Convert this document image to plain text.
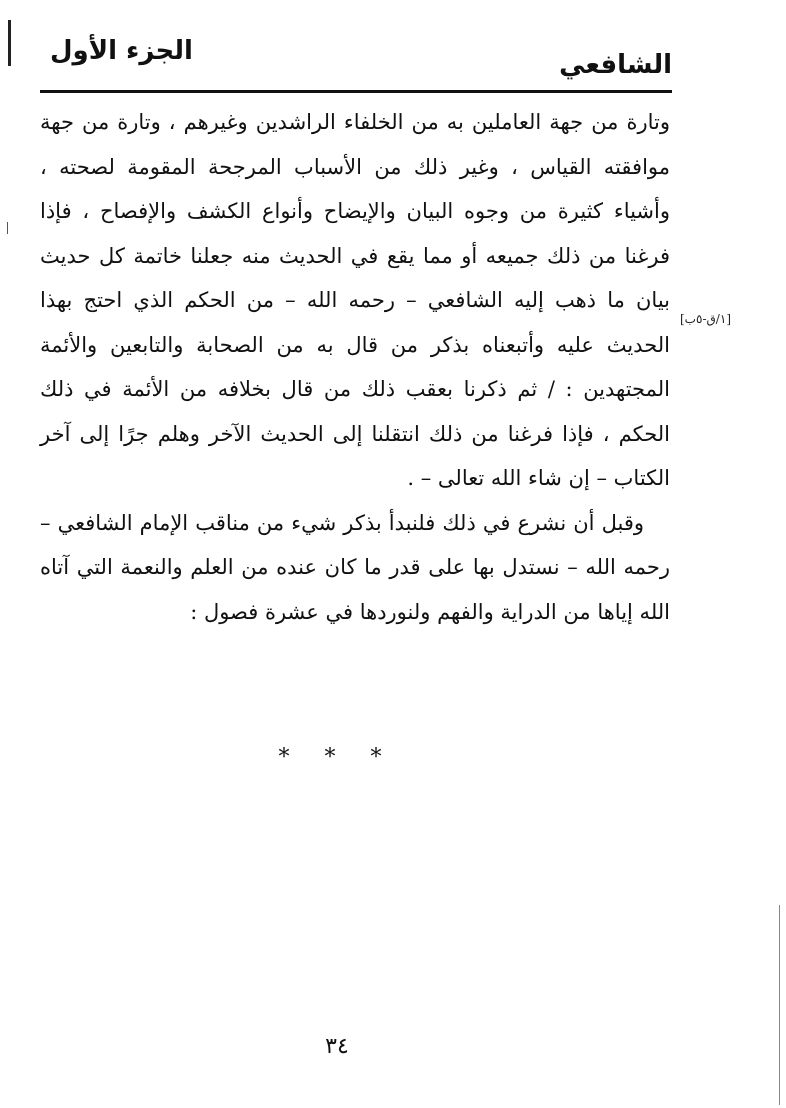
الشافعي
الجزء الأول

وتارة من جهة العاملين به من الخلفاء الراشدين وغيرهم ، وتارة من جهة موافقته القياس ، وغير ذلك من الأسباب المرجحة المقومة لصحته ، وأشياء كثيرة من وجوه البيان والإيضاح وأنواع الكشف والإفصاح ، فإذا فرغنا من ذلك جميعه أو مما يقع في الحديث منه جعلنا خاتمة كل حديث بيان ما ذهب إليه الشافعي – رحمه الله – من الحكم الذي احتج بهذا الحديث عليه وأتبعناه بذكر من قال به من الصحابة والتابعين والأئمة المجتهدين : / ثم ذكرنا بعقب ذلك من قال بخلافه من الأئمة في ذلك الحكم ، فإذا فرغنا من ذلك انتقلنا إلى الحديث الآخر وهلم جرًا إلى آخر الكتاب – إن شاء الله تعالى – .

وقبل أن نشرع في ذلك فلنبدأ بذكر شيء من مناقب الإمام الشافعي – رحمه الله – نستدل بها على قدر ما كان عنده من العلم والنعمة التي آتاه الله إياها من الدراية والفهم ولنوردها في عشرة فصول :

[١/ق-٥ب]
* * *
٣٤
